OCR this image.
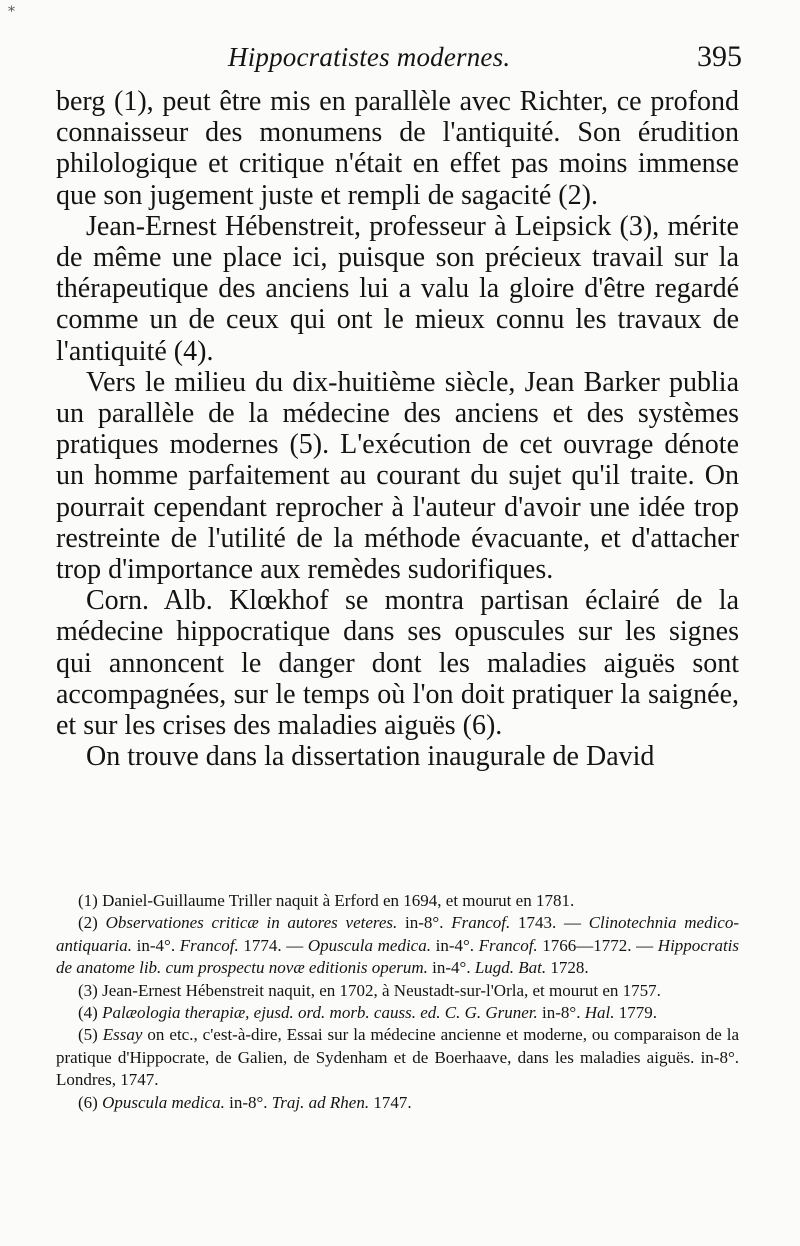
*
Hippocratistes modernes.	395

berg (1), peut être mis en parallèle avec Richter, ce profond connaisseur des monumens de l'antiquité. Son érudition philologique et critique n'était en effet pas moins immense que son jugement juste et rempli de sagacité (2).

Jean-Ernest Hébenstreit, professeur à Leipsick (3), mérite de même une place ici, puisque son précieux travail sur la thérapeutique des anciens lui a valu la gloire d'être regardé comme un de ceux qui ont le mieux connu les travaux de l'antiquité (4).

Vers le milieu du dix-huitième siècle, Jean Barker publia un parallèle de la médecine des anciens et des systèmes pratiques modernes (5). L'exécution de cet ouvrage dénote un homme parfaitement au courant du sujet qu'il traite. On pourrait cependant reprocher à l'auteur d'avoir une idée trop restreinte de l'utilité de la méthode évacuante, et d'attacher trop d'importance aux remèdes sudorifiques.

Corn. Alb. Klœkhof se montra partisan éclairé de la médecine hippocratique dans ses opuscules sur les signes qui annoncent le danger dont les maladies aiguës sont accompagnées, sur le temps où l'on doit pratiquer la saignée, et sur les crises des maladies aiguës (6).

On trouve dans la dissertation inaugurale de David

(1) Daniel-Guillaume Triller naquit à Erford en 1694, et mourut en 1781.

(2) Observationes criticæ in autores veteres. in-8°. Francof. 1743. — Clinotechnia medico-antiquaria. in-4°. Francof. 1774. — Opuscula medica. in-4°. Francof. 1766—1772. — Hippocratis de anatome lib. cum prospectu novæ editionis operum. in-4°. Lugd. Bat. 1728.

(3) Jean-Ernest Hébenstreit naquit, en 1702, à Neustadt-sur-l'Orla, et mourut en 1757.

(4) Palæologia therapiæ, ejusd. ord. morb. causs. ed. C. G. Gruner. in-8°. Hal. 1779.

(5) Essay on etc., c'est-à-dire, Essai sur la médecine ancienne et moderne, ou comparaison de la pratique d'Hippocrate, de Galien, de Sydenham et de Boerhaave, dans les maladies aiguës. in-8°. Londres, 1747.

(6) Opuscula medica. in-8°. Traj. ad Rhen. 1747.
